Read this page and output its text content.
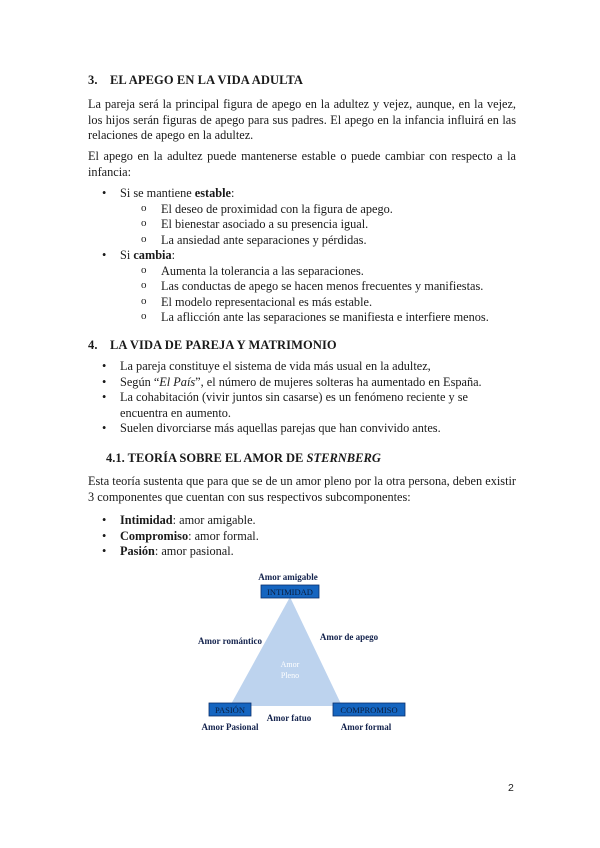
3. EL APEGO EN LA VIDA ADULTA
La pareja será la principal figura de apego en la adultez y vejez, aunque, en la vejez, los hijos serán figuras de apego para sus padres. El apego en la infancia influirá en las relaciones de apego en la adultez.
El apego en la adultez puede mantenerse estable o puede cambiar con respecto a la infancia:
• Si se mantiene estable:
o El deseo de proximidad con la figura de apego.
o El bienestar asociado a su presencia igual.
o La ansiedad ante separaciones y pérdidas.
• Si cambia:
o Aumenta la tolerancia a las separaciones.
o Las conductas de apego se hacen menos frecuentes y manifiestas.
o El modelo representacional es más estable.
o La aflicción ante las separaciones se manifiesta e interfiere menos.
4. LA VIDA DE PAREJA Y MATRIMONIO
• La pareja constituye el sistema de vida más usual en la adultez,
• Según “El País”, el número de mujeres solteras ha aumentado en España.
• La cohabitación (vivir juntos sin casarse) es un fenómeno reciente y se encuentra en aumento.
• Suelen divorciarse más aquellas parejas que han convivido antes.
4.1. TEORÍA SOBRE EL AMOR DE STERNBERG
Esta teoría sustenta que para que se de un amor pleno por la otra persona, deben existir 3 componentes que cuentan con sus respectivos subcomponentes:
• Intimidad: amor amigable.
• Compromiso: amor formal.
• Pasión: amor pasional.
Amor amigable
INTIMIDAD
Amor romántico	Amor de apego
Amor
Pleno
PASIÓN	COMPROMISO
Amor fatuo
Amor Pasional	Amor formal
2
